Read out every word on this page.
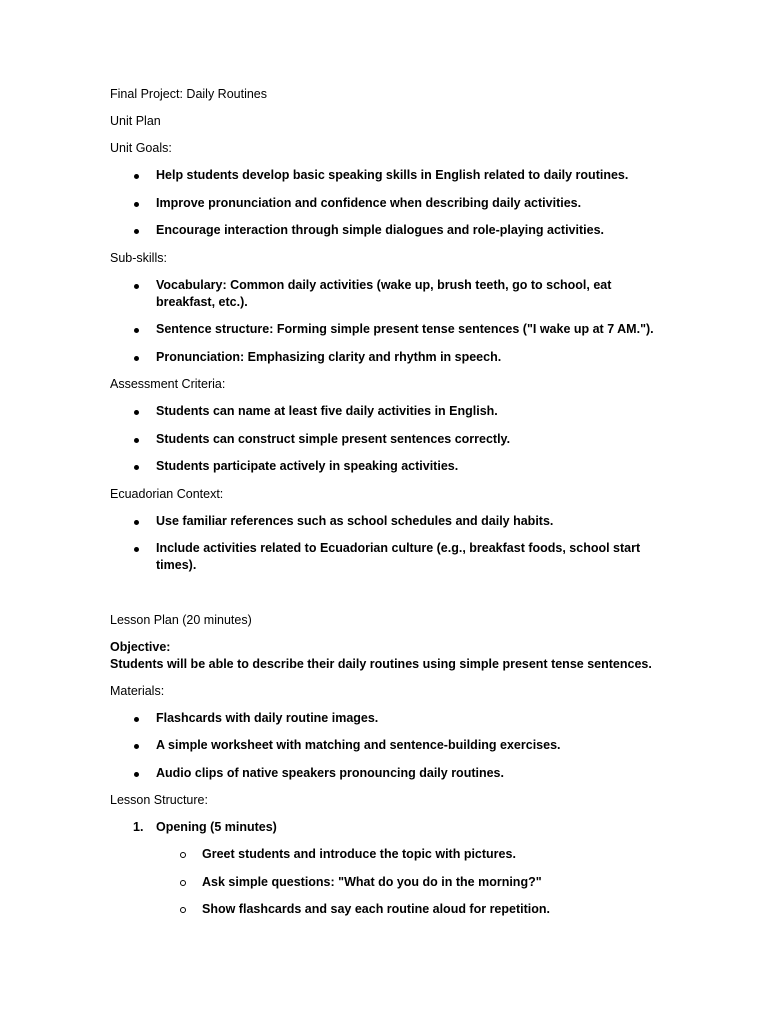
Final Project: Daily Routines

Unit Plan

Unit Goals:

Help students develop basic speaking skills in English related to daily routines.
Improve pronunciation and confidence when describing daily activities.
Encourage interaction through simple dialogues and role-playing activities.

Sub-skills:

Vocabulary: Common daily activities (wake up, brush teeth, go to school, eat breakfast, etc.).
Sentence structure: Forming simple present tense sentences ("I wake up at 7 AM.").
Pronunciation: Emphasizing clarity and rhythm in speech.

Assessment Criteria:

Students can name at least five daily activities in English.
Students can construct simple present sentences correctly.
Students participate actively in speaking activities.

Ecuadorian Context:

Use familiar references such as school schedules and daily habits.
Include activities related to Ecuadorian culture (e.g., breakfast foods, school start times).

Lesson Plan (20 minutes)

Objective:

Students will be able to describe their daily routines using simple present tense sentences.

Materials:

Flashcards with daily routine images.
A simple worksheet with matching and sentence-building exercises.
Audio clips of native speakers pronouncing daily routines.

Lesson Structure:

1. Opening (5 minutes)
Greet students and introduce the topic with pictures.
Ask simple questions: "What do you do in the morning?"
Show flashcards and say each routine aloud for repetition.
